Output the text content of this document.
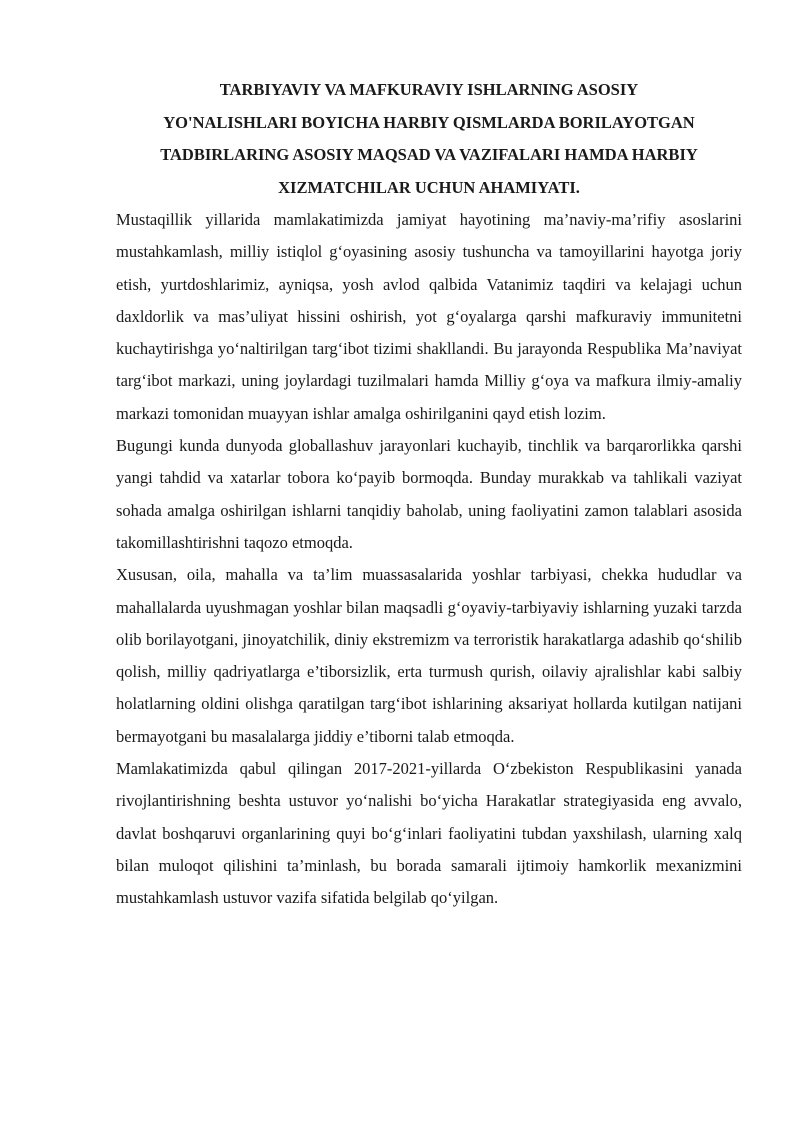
TARBIYAVIY VA MAFKURAVIY ISHLARNING ASOSIY
YO'NALISHLARI BOYICHA HARBIY QISMLARDA BORILAYOTGAN
TADBIRLARING ASOSIY MAQSAD VA VAZIFALARI HAMDA HARBIY
XIZMATCHILAR UCHUN AHAMIYATI.

Mustaqillik yillarida mamlakatimizda jamiyat hayotining ma’naviy-ma’rifiy asoslarini mustahkamlash, milliy istiqlol g‘oyasining asosiy tushuncha va tamoyillarini hayotga joriy etish, yurtdoshlarimiz, ayniqsa, yosh avlod qalbida Vatanimiz taqdiri va kelajagi uchun daxldorlik va mas’uliyat hissini oshirish, yot g‘oyalarga qarshi mafkuraviy immunitetni kuchaytirishga yo‘naltirilgan targ‘ibot tizimi shakllandi. Bu jarayonda Respublika Ma’naviyat targ‘ibot markazi, uning joylardagi tuzilmalari hamda Milliy g‘oya va mafkura ilmiy-amaliy markazi tomonidan muayyan ishlar amalga oshirilganini qayd etish lozim.

Bugungi kunda dunyoda globallashuv jarayonlari kuchayib, tinchlik va barqarorlikka qarshi yangi tahdid va xatarlar tobora ko‘payib bormoqda. Bunday murakkab va tahlikali vaziyat sohada amalga oshirilgan ishlarni tanqidiy baholab, uning faoliyatini zamon talablari asosida takomillashtirishni taqozo etmoqda.

Xususan, oila, mahalla va ta’lim muassasalarida yoshlar tarbiyasi, chekka hududlar va mahallalarda uyushmagan yoshlar bilan maqsadli g‘oyaviy-tarbiyaviy ishlarning yuzaki tarzda olib borilayotgani, jinoyatchilik, diniy ekstremizm va terroristik harakatlarga adashib qo‘shilib qolish, milliy qadriyatlarga e’tiborsizlik, erta turmush qurish, oilaviy ajralishlar kabi salbiy holatlarning oldini olishga qaratilgan targ‘ibot ishlarining aksariyat hollarda kutilgan natijani bermayotgani bu masalalarga jiddiy e’tiborni talab etmoqda.

Mamlakatimizda qabul qilingan 2017-2021-yillarda O‘zbekiston Respublikasini yanada rivojlantirishning beshta ustuvor yo‘nalishi bo‘yicha Harakatlar strategiyasida eng avvalo, davlat boshqaruvi organlarining quyi bo‘g‘inlari faoliyatini tubdan yaxshilash, ularning xalq bilan muloqot qilishini ta’minlash, bu borada samarali ijtimoiy hamkorlik mexanizmini mustahkamlash ustuvor vazifa sifatida belgilab qo‘yilgan.
